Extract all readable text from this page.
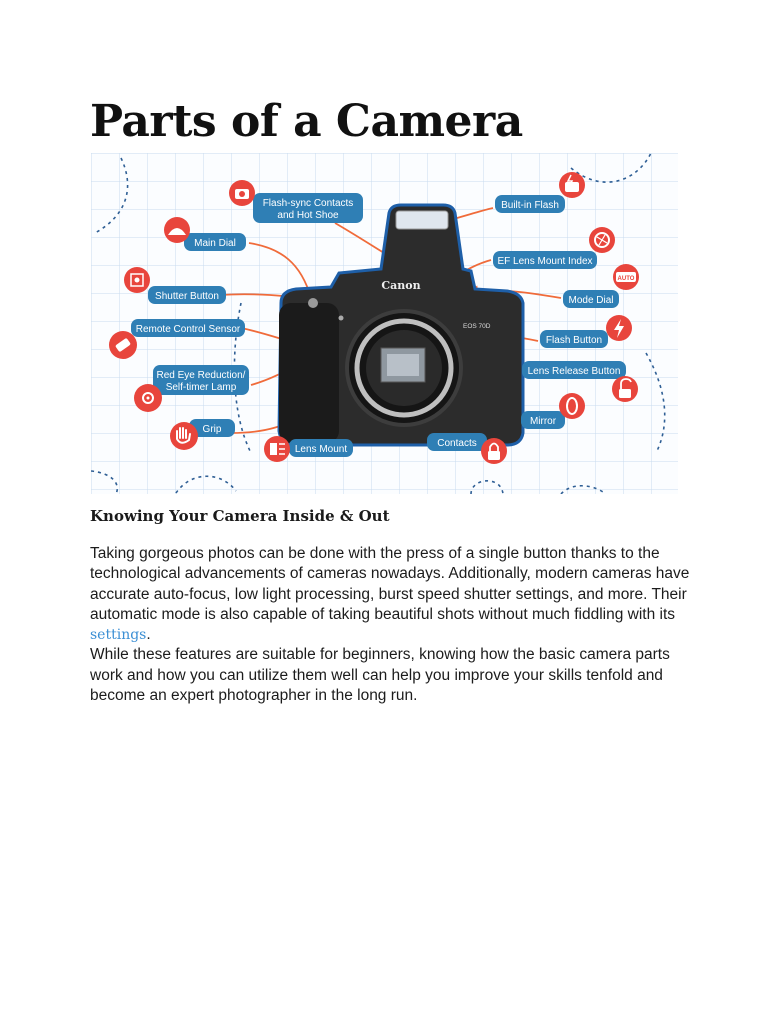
Parts of a Camera
Canon
EOS 70D
Flash-sync Contacts
and Hot Shoe
Built-in Flash
Main Dial
EF Lens Mount Index
Shutter Button	Mode Dial
Remote Control Sensor
Flash Button
Red Eye Reduction/
Self-timer Lamp
Lens Release Button
Grip
Mirror
Lens Mount
Contacts
AUTO
Knowing Your Camera Inside & Out

Taking gorgeous photos can be done with the press of a single button thanks to the technological advancements of cameras nowadays. Additionally, modern cameras have accurate auto-focus, low light processing, burst speed shutter settings, and more. Their automatic mode is also capable of taking beautiful shots without much fiddling with its settings.

While these features are suitable for beginners, knowing how the basic camera parts work and how you can utilize them well can help you improve your skills tenfold and become an expert photographer in the long run.
